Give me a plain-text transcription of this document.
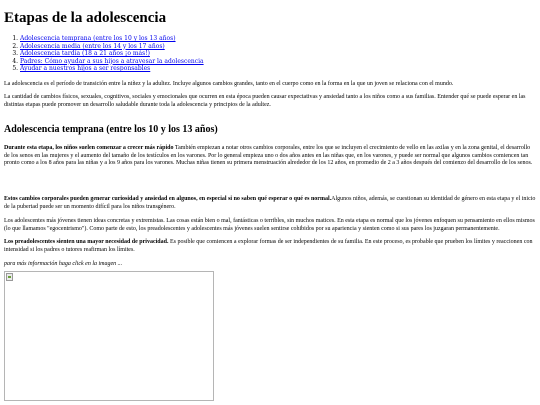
Etapas de la adolescencia
1. Adolescencia temprana (entre los 10 y los 13 años)
2. Adolescencia media (entre los 14 y los 17 años)
3. Adolescencia tardía (18 a 21 años ¡o más!)
4. Padres: Cómo ayudar a sus hijos a atravesar la adolescencia
5. Ayudar a nuestros hijos a ser responsables

La adolescencia es el período de transición entre la niñez y la adultez. Incluye algunos cambios grandes, tanto en el cuerpo como en la forma en la que un joven se relaciona con el mundo.

La cantidad de cambios físicos, sexuales, cognitivos, sociales y emocionales que ocurren en esta época pueden causar expectativas y ansiedad tanto a los niños como a sus familias. Entender qué se puede esperar en las distintas etapas puede promover un desarrollo saludable durante toda la adolescencia y principios de la adultez.

Adolescencia temprana (entre los 10 y los 13 años)

Durante esta etapa, los niños suelen comenzar a crecer más rápido También empiezan a notar otros cambios corporales, entre los que se incluyen el crecimiento de vello en las axilas y en la zona genital, el desarrollo de los senos en las mujeres y el aumento del tamaño de los testículos en los varones. Por lo general empieza uno o dos años antes en las niñas que, en los varones, y puede ser normal que algunos cambios comiencen tan pronto como a los 8 años para las niñas y a los 9 años para los varones. Muchas niñas tienen su primera menstruación alrededor de los 12 años, en promedio de 2 a 3 años después del comienzo del desarrollo de los senos.

Estos cambios corporales pueden generar curiosidad y ansiedad en algunos, en especial si no saben qué esperar o qué es normal.Algunos niños, además, se cuestionan su identidad de género en esta etapa y el inicio de la pubertad puede ser un momento difícil para los niños transgénero.

Los adolescentes más jóvenes tienen ideas concretas y extremistas. Las cosas están bien o mal, fantásticas o terribles, sin muchos matices. En esta etapa es normal que los jóvenes enfoquen su pensamiento en ellos mismos (lo que llamamos "egocentrismo"). Como parte de esto, los preadolescentes y adolescentes más jóvenes suelen sentirse cohibidos por su apariencia y sienten como si sus pares los juzgaran permanentemente.

Los preadolescentes sienten una mayor necesidad de privacidad. Es posible que comiencen a explorar formas de ser independientes de su familia. En este proceso, es probable que prueben los límites y reaccionen con intensidad si los padres o tutores reafirman los límites.

para más información haga click en la imagen ...
